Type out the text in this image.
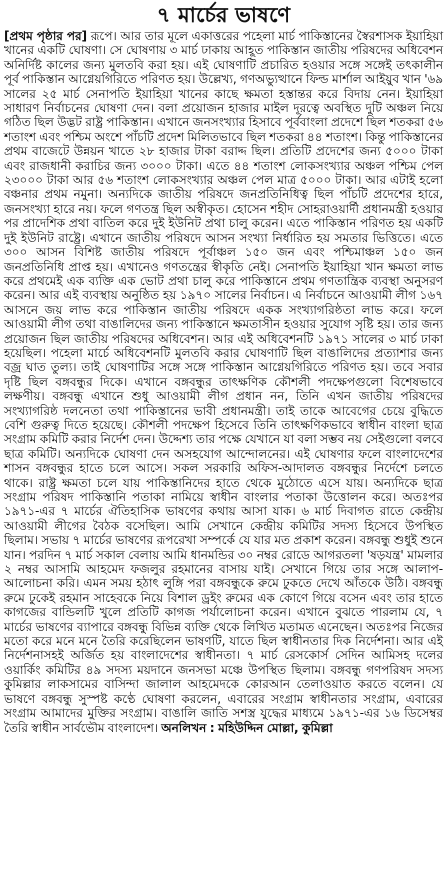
৭ মার্চের ভাষণে
[প্রথম পৃষ্ঠার পর] রূপে। আর তার মূলে একাত্তরের পহেলা মার্চ পাকিস্তানের স্বৈরশাসক ইয়াহিয়া খানের একটি ঘোষণা। সে ঘোষণায় ৩ মার্চ ঢাকায় আহূত পাকিস্তান জাতীয় পরিষদের অধিবেশন অনির্দিষ্ট কালের জন্য মুলতবি করা হয়। এই ঘোষণাটি প্রচারিত হওয়ার সঙ্গে সঙ্গেই তৎকালীন পূর্ব পাকিস্তান আগ্নেয়গিরিতে পরিণত হয়। উল্লেখ্য, গণঅভ্যুত্থানে ফিল্ড মার্শাল আইয়ুব খান '৬৯ সালের ২৫ মার্চ সেনাপতি ইয়াহিয়া খানের কাছে ক্ষমতা হস্তান্তর করে বিদায় নেন। ইয়াহিয়া সাধারণ নির্বাচনের ঘোষণা দেন। বলা প্রয়োজন হাজার মাইল দূরত্বে অবস্থিত দুটি অঞ্চল নিয়ে গঠিত ছিল উদ্ভট রাষ্ট্র পাকিস্তান। এখানে জনসংখ্যার হিসাবে পূর্ববাংলা প্রদেশে ছিল শতকরা ৫৬ শতাংশ এবং পশ্চিম অংশে পাঁচটি প্রদেশ মিলিতভাবে ছিল শতকরা ৪৪ শতাংশ। কিন্তু পাকিস্তানের প্রথম বাজেটে উন্নয়ন খাতে ২৮ হাজার টাকা বরাদ্দ ছিল। প্রতিটি প্রদেশের জন্য ৫০০০ টাকা এবং রাজধানী করাচির জন্য ৩০০০ টাকা। এতে ৪৪ শতাংশ লোকসংখ্যার অঞ্চল পশ্চিম পেল ২৩০০০ টাকা আর ৫৬ শতাংশ লোকসংখ্যার অঞ্চল পেল মাত্র ৫০০০ টাকা। আর এটাই হলো বঞ্চনার প্রথম নমুনা। অন্যদিকে জাতীয় পরিষদে জনপ্রতিনিধিত্ব ছিল পাঁচটি প্রদেশের হারে, জনসংখ্যা হারে নয়। ফলে গণতন্ত্র ছিল অস্বীকৃত। হোসেন শহীদ সোহরাওয়ার্দী প্রধানমন্ত্রী হওয়ার পর প্রাদেশিক প্রথা বাতিল করে দুই ইউনিট প্রথা চালু করেন। এতে পাকিস্তান পরিণত হয় এক‌টি দুই ইউনিট রাষ্ট্রে। এখানে জাতীয় পরিষদে আসন সংখ্যা নির্ধারিত হয় সমতার ভিত্তিতে। এতে ৩০০ আসন বিশিষ্ট জাতীয় পরিষদে পূর্বাঞ্চল ১৫০ জন এবং পশ্চিমাঞ্চল ১৫০ জন জনপ্রতিনিধি প্রাপ্ত হয়। এখানেও গণতন্ত্রের স্বীকৃতি নেই। সেনাপতি ইয়াহিয়া খান ক্ষমতা লাভ করে প্রথমেই এক ব্যক্তি এক ভোট প্রথা চালু করে পাকিস্তানে প্রথম গণতান্ত্রিক ব্যবস্থা অনুসরণ করেন। আর এই ব্যবস্থায় অনুষ্ঠিত হয় ১৯৭০ সালের নির্বাচন। এ নির্বাচনে আওয়ামী লীগ ১৬৭ আসনে জয় লাভ করে পাকিস্তান জাতীয় পরিষদে একক সংখ্যাগরিষ্ঠতা লাভ করে। ফলে আওয়ামী লীগ তথা বাঙালিদের জন্য পাকিস্তানে ক্ষমতাসীন হওয়ার সুযোগ সৃষ্টি হয়। তার জন্য প্রয়োজন ছিল জাতীয় পরিষদের অধিবেশন। আর এই অধিবেশনটি ১৯৭১ সালের ৩ মার্চ ঢাকা হয়েছিল। পহেলা মার্চে অধিবেশনটি মুলতবি করার ঘোষণাটি ছিল বাঙালিদের প্রত্যাশার জন্য বজ্র ঘাত তুল্য। তাই ঘোষণাটির সঙ্গে সঙ্গে পাকিস্তান আগ্নেয়গিরিতে পরিণত হয়। তবে সবার দৃষ্টি ছিল বঙ্গবন্ধুর দিকে। এখানে বঙ্গবন্ধুর তাৎক্ষণিক কৌশলী পদক্ষেপগুলো বিশেষভাবে লক্ষণীয়। বঙ্গবন্ধু এখানে শুধু আওয়ামী লীগ প্রধান নন, তিনি এখন জাতীয় পরিষদের সংখ্যাগরিষ্ঠ দলনেতা তথা পাকিস্তানের ভাবী প্রধানমন্ত্রী। তাই তাকে আবেগের চেয়ে বুদ্ধিতে বেশি গুরুত্ব দিতে হয়েছে। কৌশলী পদক্ষেপ হিসেবে তিনি তাৎক্ষণিকভাবে স্বাধীন বাংলা ছাত্র সংগ্রাম কমিটি করার নির্দেশ দেন। উদ্দেশ্য তার পক্ষে যেখানে যা বলা সম্ভব নয় সেইগুলো বলবে ছাত্র কমিটি। অন্যদিকে ঘোষণা দেন অসহযোগ আন্দোলনের। এই ঘোষণার ফলে বাংলাদেশের শাসন বঙ্গবন্ধুর হাতে চলে আসে। সকল সরকারি অফিস-আদালত বঙ্গবন্ধুর নির্দেশে চলতে থাকে। রাষ্ট্র ক্ষমতা চলে যায় পাকিস্তানিদের হাতে থেকে মুঠোতে এসে যায়। অন্যদিকে ছাত্র সংগ্রাম পরিষদ পাকিস্তানি পতাকা নামিয়ে স্বাধীন বাংলার পতাকা উত্তোলন করে। অতঃপর ১৯৭১-এর ৭ মার্চের ঐতিহাসিক ভাষণের কথায় আসা যাক। ৬ মার্চ দিবাগত রাতে কেন্দ্রীয় আওয়ামী লীগের বৈঠক বসেছিল। আমি সেখানে কেন্দ্রীয় কমিটির সদস্য হিসেবে উপস্থিত ছিলাম। সভায় ৭ মার্চের ভাষণের রূপরেখা সম্পর্কে যে যার মত প্রকাশ করেন। বঙ্গবন্ধু শুধুই শুনে যান। পরদিন ৭ মার্চ সকাল বেলায় আমি ধানমন্ডির ৩০ নম্বর রোডে আগরতলা 'ষড়যন্ত্র' মামলার ২ নম্বর আসামি আহমেদ ফজলুর রহমানের বাসায় যাই। সেখানে গিয়ে তার সঙ্গে আলাপ-আলোচনা করি। এমন সময় হঠাৎ লুঙ্গি পরা বঙ্গবন্ধুকে রুমে ঢুকতে দেখে আঁতকে উঠি। বঙ্গবন্ধু রুমে ঢুকেই রহমান সাহেবকে নিয়ে বিশাল ড্রইং রুমের এক কোণে গিয়ে বসেন এবং তার হাতে কাগজের বান্ডিলটি খুলে প্রতিটি কাগজ পর্যালোচনা করেন। এখানে বুঝতে পারলাম যে, ৭ মার্চের ভাষণের ব্যাপারে বঙ্গবন্ধু বিভিন্ন ব্যক্তি থেকে লিখিত মতামত এনেছেন। অতঃপর নিজের মতো করে মনে মনে তৈরি করেছিলেন ভাষণটি, যাতে ছিল স্বাধীনতার দিক নির্দেশনা। আর এই নির্দেশনাসহই অর্জিত হয় বাংলাদেশের স্বাধীনতা। ৭ মার্চ রেসকোর্স সেদিন আমিসহ দলের ওয়ার্কিং কমিটির ৪৯ সদস্য ময়দানে জনসভা মঞ্চে উপস্থিত ছিলাম। বঙ্গবন্ধু গণপরিষদ সদস্য কুমিল্লার লাকসামের বাসিন্দা জালাল আহমেদকে কোরআন তেলাওয়াত করতে বলেন। যে ভাষণে বঙ্গবন্ধু সুস্পষ্ট কণ্ঠে ঘোষণা করলেন, এবারের সংগ্রাম স্বাধীনতার সংগ্রাম, এবারের সংগ্রাম আমাদের মুক্তির সংগ্রাম। বাঙালি জাতি সশস্ত্র যুদ্ধের মাধ্যমে ১৯৭১-এর ১৬ ডিসেম্বর তৈরি স্বাধীন সার্বভৌম বাংলাদেশ। অনলিখন : মহিউদ্দিন মোল্লা, কুমিল্লা
